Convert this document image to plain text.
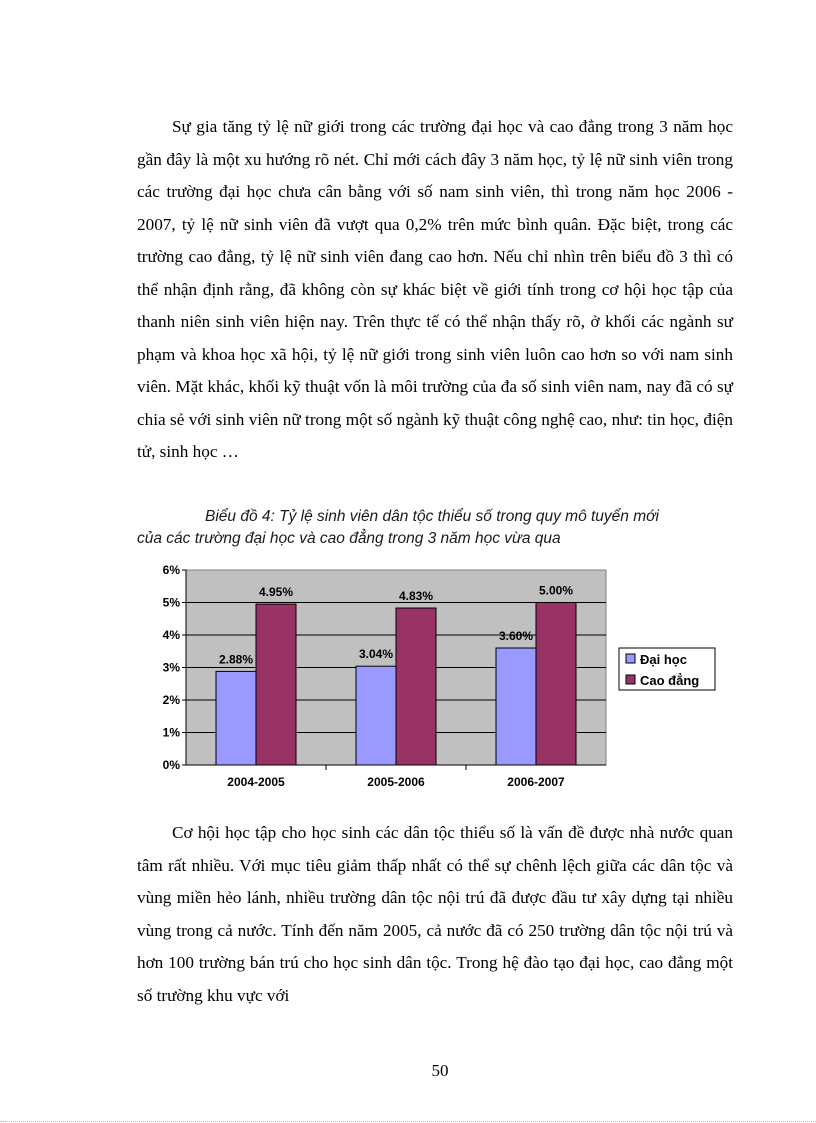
Sự gia tăng tỷ lệ nữ giới trong các trường đại học và cao đẳng trong 3 năm học gần đây là một xu hướng rõ nét. Chỉ mới cách đây 3 năm học, tỷ lệ nữ sinh viên trong các trường đại học chưa cân bằng với số nam sinh viên, thì trong năm học 2006 - 2007, tỷ lệ nữ sinh viên đã vượt qua 0,2% trên mức bình quân. Đặc biệt, trong các trường cao đẳng, tỷ lệ nữ sinh viên đang cao hơn. Nếu chỉ nhìn trên biểu đồ 3 thì có thể nhận định rằng, đã không còn sự khác biệt về giới tính trong cơ hội học tập của thanh niên sinh viên hiện nay. Trên thực tế có thể nhận thấy rõ, ở khối các ngành sư phạm và khoa học xã hội, tỷ lệ nữ giới trong sinh viên luôn cao hơn so với nam sinh viên. Mặt khác, khối kỹ thuật vốn là môi trường của đa số sinh viên nam, nay đã có sự chia sẻ với sinh viên nữ trong một số ngành kỹ thuật công nghệ cao, như: tin học, điện tử, sinh học …

Biểu đồ 4: Tỷ lệ sinh viên dân tộc thiểu số trong quy mô tuyển mới
của các trường đại học và cao đẳng trong 3 năm học vừa qua
0%
1%
2%
3%
4%
5%
6%
2.88%
4.95%
3.04%
4.83%
3.60%
5.00%
2004-2005	2005-2006	2006-2007
Đại học
Cao đẳng

Cơ hội học tập cho học sinh các dân tộc thiểu số là vấn đề được nhà nước quan tâm rất nhiều. Với mục tiêu giảm thấp nhất có thể sự chênh lệch giữa các dân tộc và vùng miền hẻo lánh, nhiều trường dân tộc nội trú đã được đầu tư xây dựng tại nhiều vùng trong cả nước. Tính đến năm 2005, cả nước đã có 250 trường dân tộc nội trú và hơn 100 trường bán trú cho học sinh dân tộc. Trong hệ đào tạo đại học, cao đẳng một số trường khu vực với

50
